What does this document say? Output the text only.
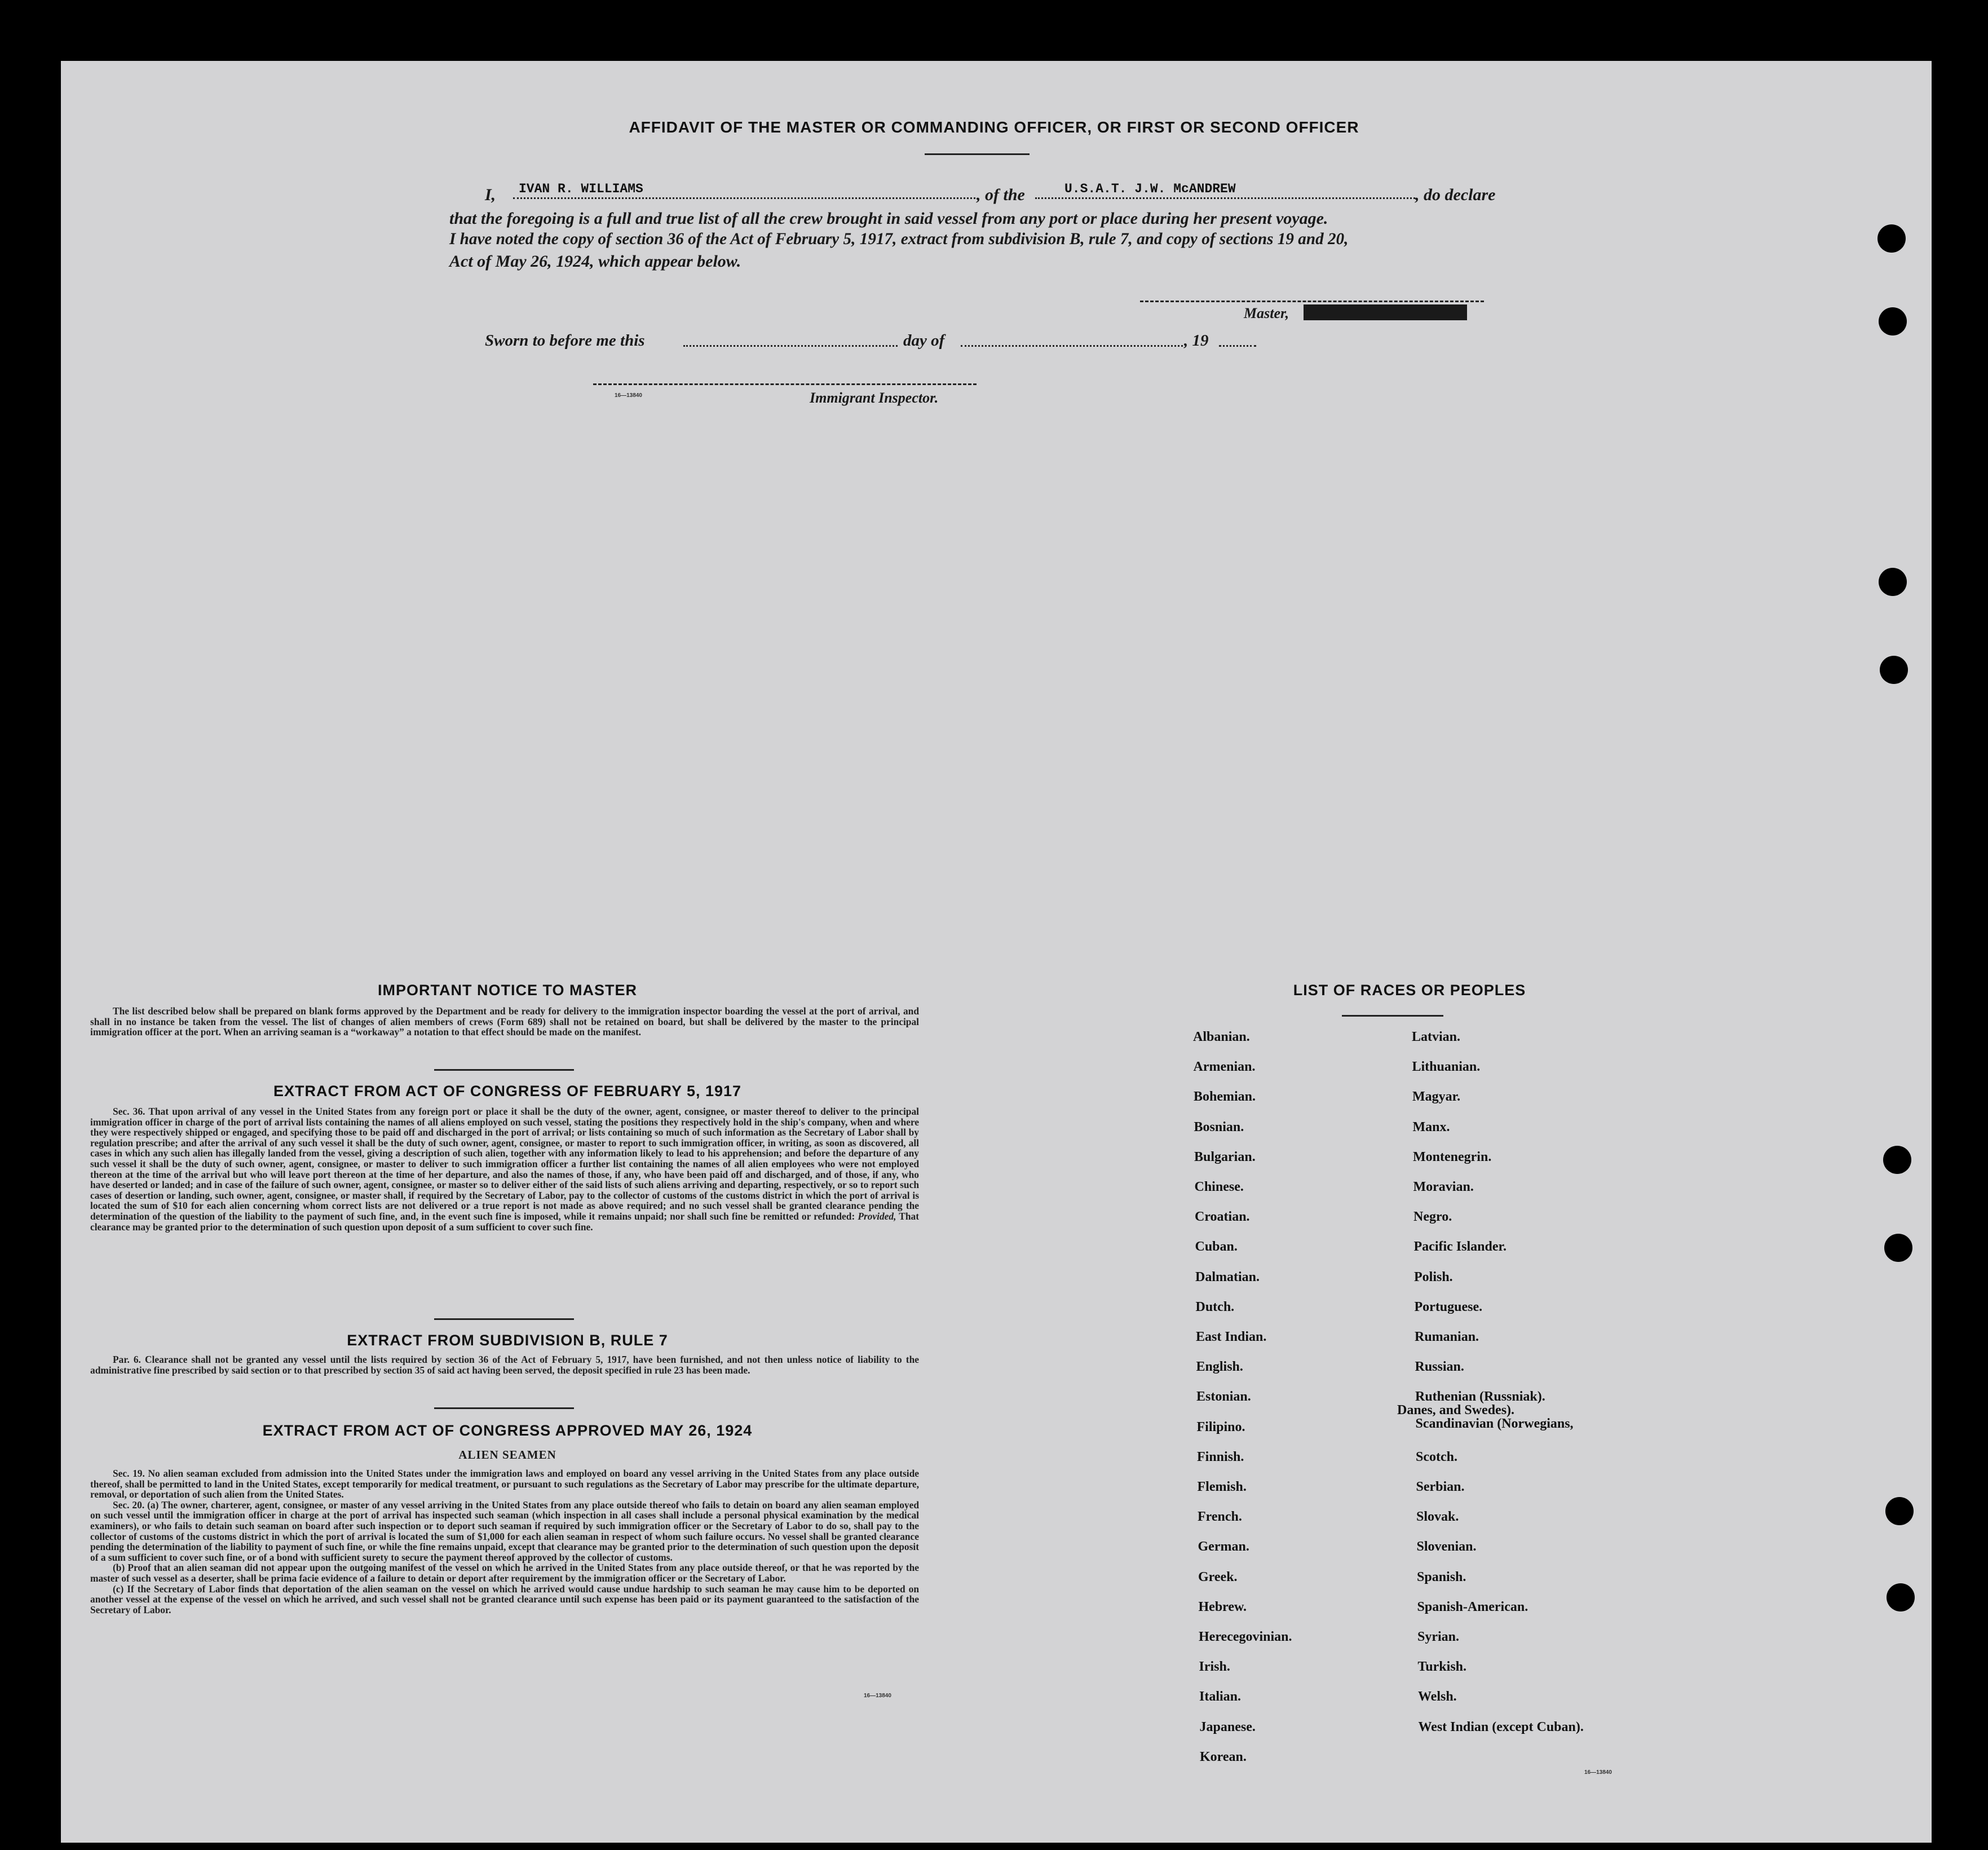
AFFIDAVIT OF THE MASTER OR COMMANDING OFFICER, OR FIRST OR SECOND OFFICER
I, IVAN R. WILLIAMS	, of the	U.S.A.T. J.W. McANDREW	, do declare
that the foregoing is a full and true list of all the crew brought in said vessel from any port or place during her present voyage.
I have noted the copy of section 36 of the Act of February 5, 1917, extract from subdivision B, rule 7, and copy of sections 19 and 20,
Act of May 26, 1924, which appear below.
Master,
Sworn to before me this	day of	, 19
16—13840	Immigrant Inspector.
IMPORTANT NOTICE TO MASTER

The list described below shall be prepared on blank forms approved by the Department and be ready for delivery to the immigration inspector boarding the vessel at the port of arrival, and shall in no instance be taken from the vessel. The list of changes of alien members of crews (Form 689) shall not be retained on board, but shall be delivered by the master to the principal immigration officer at the port. When an arriving seaman is a “workaway” a notation to that effect should be made on the manifest.

EXTRACT FROM ACT OF CONGRESS OF FEBRUARY 5, 1917

Sec. 36. That upon arrival of any vessel in the United States from any foreign port or place it shall be the duty of the owner, agent, consignee, or master thereof to deliver to the principal immigration officer in charge of the port of arrival lists containing the names of all aliens employed on such vessel, stating the positions they respectively hold in the ship's company, when and where they were respectively shipped or engaged, and specifying those to be paid off and discharged in the port of arrival; or lists containing so much of such information as the Secretary of Labor shall by regulation prescribe; and after the arrival of any such vessel it shall be the duty of such owner, agent, consignee, or master to report to such immigration officer, in writing, as soon as discovered, all cases in which any such alien has illegally landed from the vessel, giving a description of such alien, together with any information likely to lead to his apprehension; and before the departure of any such vessel it shall be the duty of such owner, agent, consignee, or master to deliver to such immigration officer a further list containing the names of all alien employees who were not employed thereon at the time of the arrival but who will leave port thereon at the time of her departure, and also the names of those, if any, who have been paid off and discharged, and of those, if any, who have deserted or landed; and in case of the failure of such owner, agent, consignee, or master so to deliver either of the said lists of such aliens arriving and departing, respectively, or so to report such cases of desertion or landing, such owner, agent, consignee, or master shall, if required by the Secretary of Labor, pay to the collector of customs of the customs district in which the port of arrival is located the sum of $10 for each alien concerning whom correct lists are not delivered or a true report is not made as above required; and no such vessel shall be granted clearance pending the determination of the question of the liability to the payment of such fine, and, in the event such fine is imposed, while it remains unpaid; nor shall such fine be remitted or refunded: Provided, That clearance may be granted prior to the determination of such question upon deposit of a sum sufficient to cover such fine.

EXTRACT FROM SUBDIVISION B, RULE 7

Par. 6. Clearance shall not be granted any vessel until the lists required by section 36 of the Act of February 5, 1917, have been furnished, and not then unless notice of liability to the administrative fine prescribed by said section or to that prescribed by section 35 of said act having been served, the deposit specified in rule 23 has been made.

EXTRACT FROM ACT OF CONGRESS APPROVED MAY 26, 1924
ALIEN SEAMEN

Sec. 19. No alien seaman excluded from admission into the United States under the immigration laws and employed on board any vessel arriving in the United States from any place outside thereof, shall be permitted to land in the United States, except temporarily for medical treatment, or pursuant to such regulations as the Secretary of Labor may prescribe for the ultimate departure, removal, or deportation of such alien from the United States.

Sec. 20. (a) The owner, charterer, agent, consignee, or master of any vessel arriving in the United States from any place outside thereof who fails to detain on board any alien seaman employed on such vessel until the immigration officer in charge at the port of arrival has inspected such seaman (which inspection in all cases shall include a personal physical examination by the medical examiners), or who fails to detain such seaman on board after such inspection or to deport such seaman if required by such immigration officer or the Secretary of Labor to do so, shall pay to the collector of customs of the customs district in which the port of arrival is located the sum of $1,000 for each alien seaman in respect of whom such failure occurs. No vessel shall be granted clearance pending the determination of the liability to payment of such fine, or while the fine remains unpaid, except that clearance may be granted prior to the determination of such question upon the deposit of a sum sufficient to cover such fine, or of a bond with sufficient surety to secure the payment thereof approved by the collector of customs.

(b) Proof that an alien seaman did not appear upon the outgoing manifest of the vessel on which he arrived in the United States from any place outside thereof, or that he was reported by the master of such vessel as a deserter, shall be prima facie evidence of a failure to detain or deport after requirement by the immigration officer or the Secretary of Labor.

(c) If the Secretary of Labor finds that deportation of the alien seaman on the vessel on which he arrived would cause undue hardship to such seaman he may cause him to be deported on another vessel at the expense of the vessel on which he arrived, and such vessel shall not be granted clearance until such expense has been paid or its payment guaranteed to the satisfaction of the Secretary of Labor.

16—13840
LIST OF RACES OR PEOPLES
Albanian.
Armenian.
Bohemian.
Bosnian.
Bulgarian.
Chinese.
Croatian.
Cuban.
Dalmatian.
Dutch.
East Indian.
English.
Estonian.
Filipino.
Finnish.
Flemish.
French.
German.
Greek.
Hebrew.
Herecegovinian.
Irish.
Italian.
Japanese.
Korean.
Latvian.
Lithuanian.
Magyar.
Manx.
Montenegrin.
Moravian.
Negro.
Pacific Islander.
Polish.
Portuguese.
Rumanian.
Russian.
Ruthenian (Russniak).
Scandinavian (Norwegians,
Danes, and Swedes).
Scotch.
Serbian.
Slovak.
Slovenian.
Spanish.
Spanish-American.
Syrian.
Turkish.
Welsh.
West Indian (except Cuban).
16—13840
